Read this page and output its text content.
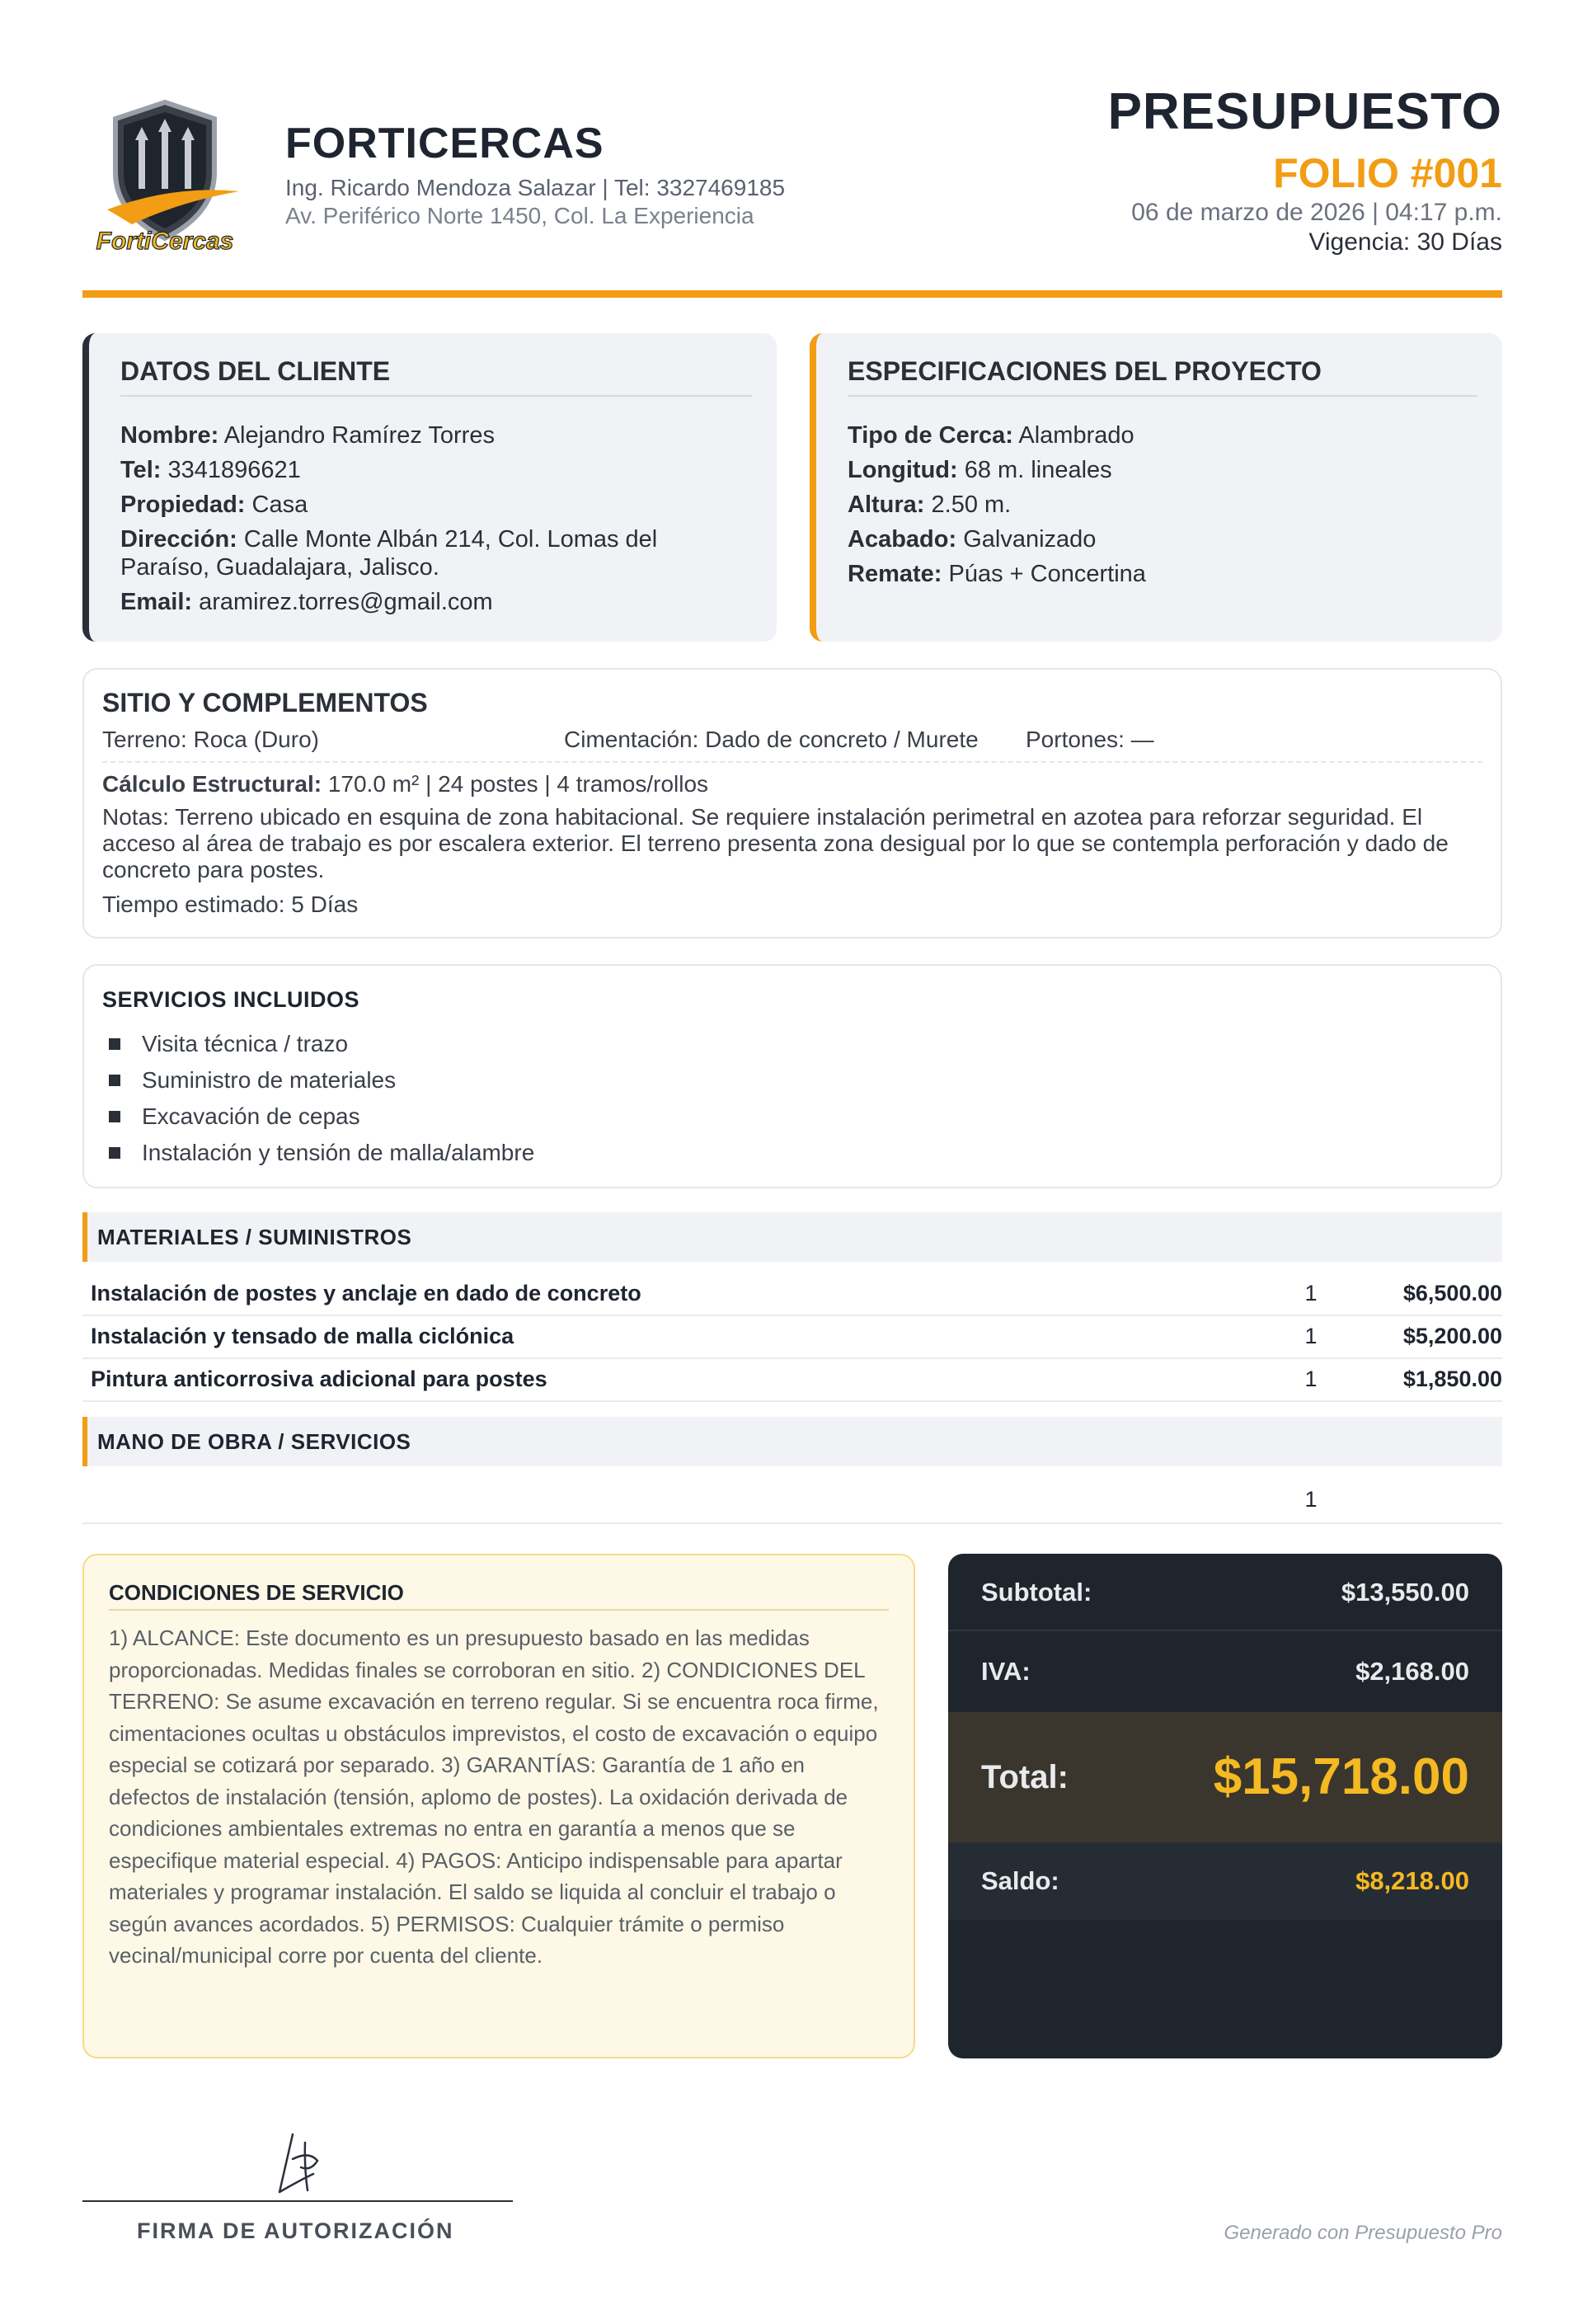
FortiCercas
FORTICERCAS
Ing. Ricardo Mendoza Salazar | Tel: 3327469185
Av. Periférico Norte 1450, Col. La Experiencia
PRESUPUESTO
FOLIO #001
06 de marzo de 2026 | 04:17 p.m.
Vigencia: 30 Días
DATOS DEL CLIENTE
Nombre: Alejandro Ramírez Torres
Tel: 3341896621
Propiedad: Casa
Dirección: Calle Monte Albán 214, Col. Lomas del Paraíso, Guadalajara, Jalisco.
Email: aramirez.torres@gmail.com
ESPECIFICACIONES DEL PROYECTO
Tipo de Cerca: Alambrado
Longitud: 68 m. lineales
Altura: 2.50 m.
Acabado: Galvanizado
Remate: Púas + Concertina
SITIO Y COMPLEMENTOS
Terreno: Roca (Duro)	Cimentación: Dado de concreto / Murete Portones: —
Cálculo Estructural: 170.0 m² | 24 postes | 4 tramos/rollos
Notas: Terreno ubicado en esquina de zona habitacional. Se requiere instalación perimetral en azotea para reforzar seguridad. El acceso al área de trabajo es por escalera exterior. El terreno presenta zona desigual por lo que se contempla perforación y dado de concreto para postes.
Tiempo estimado: 5 Días
SERVICIOS INCLUIDOS
Visita técnica / trazo
Suministro de materiales
Excavación de cepas
Instalación y tensión de malla/alambre
MATERIALES / SUMINISTROS
Instalación de postes y anclaje en dado de concreto	1	$6,500.00
Instalación y tensado de malla ciclónica	1	$5,200.00
Pintura anticorrosiva adicional para postes	1	$1,850.00
MANO DE OBRA / SERVICIOS
1
CONDICIONES DE SERVICIO
1) ALCANCE: Este documento es un presupuesto basado en las medidas proporcionadas. Medidas finales se corroboran en sitio. 2) CONDICIONES DEL TERRENO: Se asume excavación en terreno regular. Si se encuentra roca firme, cimentaciones ocultas u obstáculos imprevistos, el costo de excavación o equipo especial se cotizará por separado. 3) GARANTÍAS: Garantía de 1 año en defectos de instalación (tensión, aplomo de postes). La oxidación derivada de condiciones ambientales extremas no entra en garantía a menos que se especifique material especial. 4) PAGOS: Anticipo indispensable para apartar materiales y programar instalación. El saldo se liquida al concluir el trabajo o según avances acordados. 5) PERMISOS: Cualquier trámite o permiso vecinal/municipal corre por cuenta del cliente.
Subtotal:	$13,550.00
IVA:	$2,168.00
Total:	$15,718.00
Saldo:	$8,218.00
FIRMA DE AUTORIZACIÓN	Generado con Presupuesto Pro
